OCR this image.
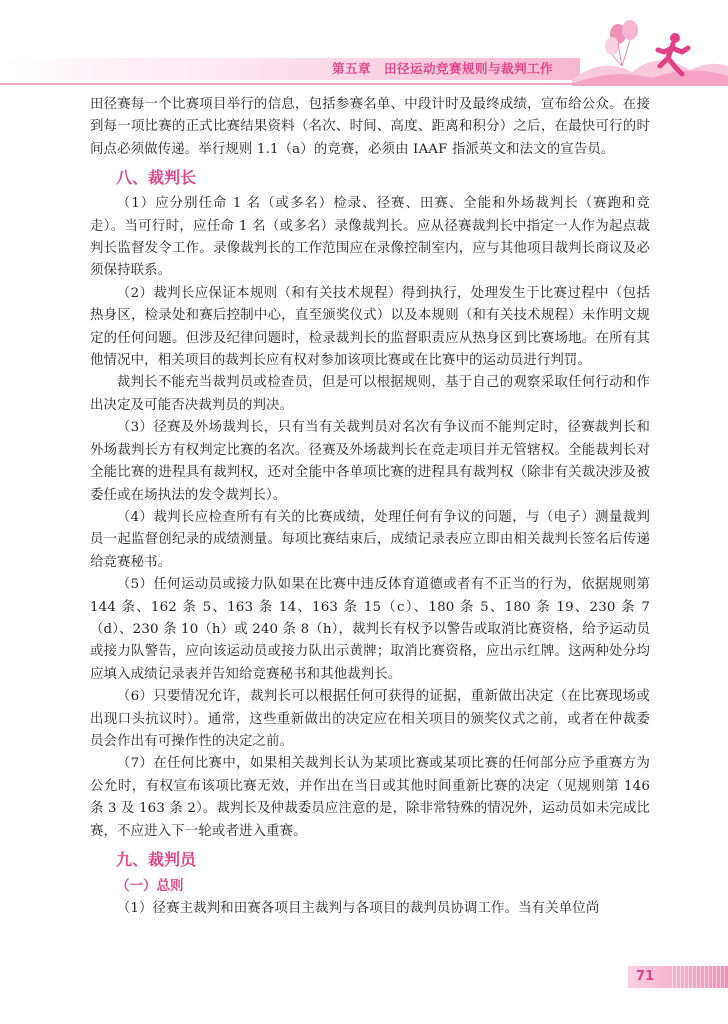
第五章　田径运动竞赛规则与裁判工作

田径赛每一个比赛项目举行的信息，包括参赛名单、中段计时及最终成绩，宣布给公众。在接到每一项比赛的正式比赛结果资料（名次、时间、高度、距离和积分）之后，在最快可行的时间点必须做传递。举行规则 1.1（a）的竞赛，必须由 IAAF 指派英文和法文的宣告员。

八、裁判长

（1）应分别任命 1 名（或多名）检录、径赛、田赛、全能和外场裁判长（赛跑和竞走）。当可行时，应任命 1 名（或多名）录像裁判长。应从径赛裁判长中指定一人作为起点裁判长监督发令工作。录像裁判长的工作范围应在录像控制室内，应与其他项目裁判长商议及必须保持联系。

（2）裁判长应保证本规则（和有关技术规程）得到执行，处理发生于比赛过程中（包括热身区，检录处和赛后控制中心，直至颁奖仪式）以及本规则（和有关技术规程）未作明文规定的任何问题。但涉及纪律问题时，检录裁判长的监督职责应从热身区到比赛场地。在所有其他情况中，相关项目的裁判长应有权对参加该项比赛或在比赛中的运动员进行判罚。

裁判长不能充当裁判员或检查员，但是可以根据规则，基于自己的观察采取任何行动和作出决定及可能否决裁判员的判决。

（3）径赛及外场裁判长，只有当有关裁判员对名次有争议而不能判定时，径赛裁判长和外场裁判长方有权判定比赛的名次。径赛及外场裁判长在竞走项目并无管辖权。全能裁判长对全能比赛的进程具有裁判权，还对全能中各单项比赛的进程具有裁判权（除非有关裁决涉及被委任或在场执法的发令裁判长）。

（4）裁判长应检查所有有关的比赛成绩，处理任何有争议的问题，与（电子）测量裁判员一起监督创纪录的成绩测量。每项比赛结束后，成绩记录表应立即由相关裁判长签名后传递给竞赛秘书。

（5）任何运动员或接力队如果在比赛中违反体育道德或者有不正当的行为，依据规则第 144 条、162 条 5、163 条 14、163 条 15（c）、180 条 5、180 条 19、230 条 7（d）、230 条 10（h）或 240 条 8（h），裁判长有权予以警告或取消比赛资格，给予运动员或接力队警告，应向该运动员或接力队出示黄牌；取消比赛资格，应出示红牌。这两种处分均应填入成绩记录表并告知给竞赛秘书和其他裁判长。

（6）只要情况允许，裁判长可以根据任何可获得的证据，重新做出决定（在比赛现场或出现口头抗议时）。通常，这些重新做出的决定应在相关项目的颁奖仪式之前，或者在仲裁委员会作出有可操作性的决定之前。

（7）在任何比赛中，如果相关裁判长认为某项比赛或某项比赛的任何部分应予重赛方为公允时，有权宣布该项比赛无效，并作出在当日或其他时间重新比赛的决定（见规则第 146 条 3 及 163 条 2）。裁判长及仲裁委员应注意的是，除非常特殊的情况外，运动员如未完成比赛，不应进入下一轮或者进入重赛。

九、裁判员
（一）总则

（1）径赛主裁判和田赛各项目主裁判与各项目的裁判员协调工作。当有关单位尚

71
